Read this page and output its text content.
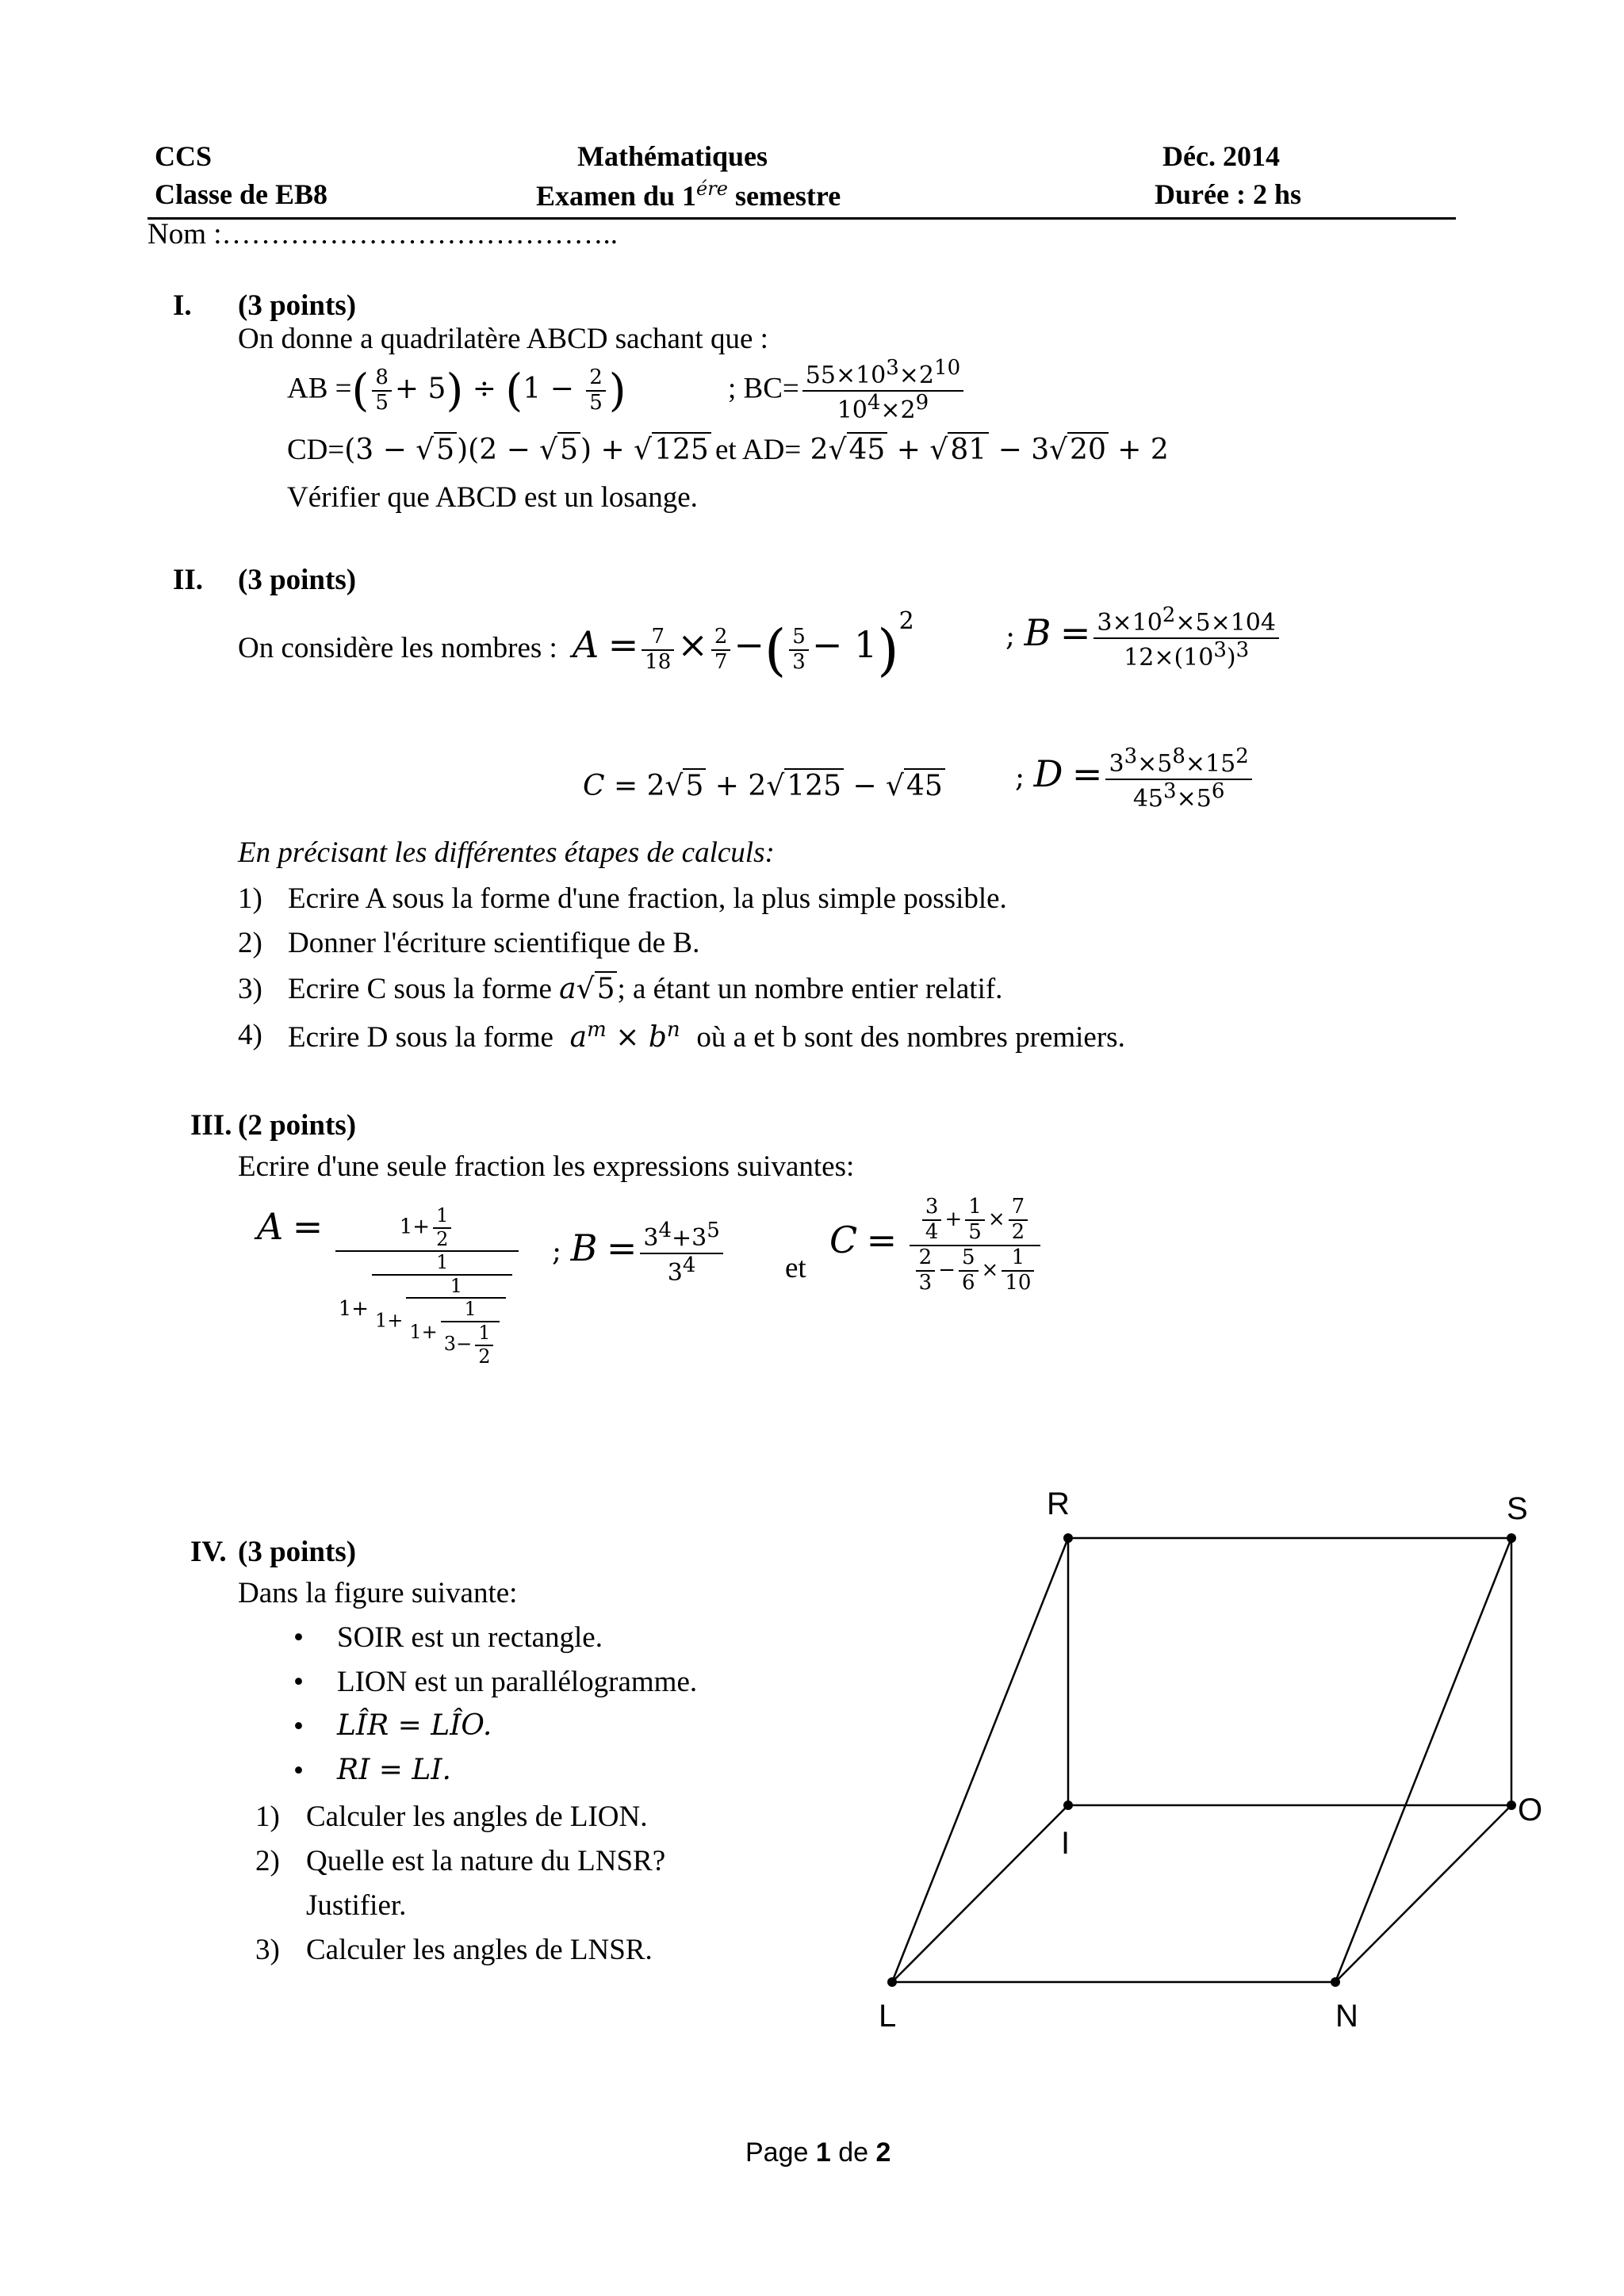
CCS
Classe de EB8
Mathématiques
Examen du $1^{ére}$ semestre
Déc. 2014
Durée : 2 hs
Nom :…………………………………..
I. (3 points)
On donne a quadrilatère ABCD sachant que :
AB =( $\frac{8}{5} + 5) \div (1 - \frac{2}{5}$ )	; $BC= \frac{55\times 10^3\times 2^{10}}{10^4\times 2^9}$
CD=(3 − √5)(2 − √5) + √125 et AD= 2√45 + √81 − 3√20 + 2
Vérifier que ABCD est un losange.
II. (3 points)
On considère les nombres : $A = \frac{7}{18} \times \frac{2}{7}$ −( $\frac{5}{3} - 1)^2$	; $B = \frac{3\times 10^2\times 5\times 104}{12\times(10^3)^3}$
C = 2√5 + 2√125 − √45	; $D = \frac{3^3\times 5^8\times 15^2}{45^3\times 5^6}$
En précisant les différentes étapes de calculs:
1) Ecrire A sous la forme d'une fraction, la plus simple possible.
2) Donner l'écriture scientifique de B.
3) Ecrire C sous la forme a√5; a étant un nombre entier relatif.
4) Ecrire D sous la forme $a^m \times b^n$ où a et b sont des nombres premiers.
III. (2 points)
Ecrire d'une seule fraction les expressions suivantes:
$A = \frac{1+ \frac{1}{2}}{1+ \frac{1}{1+ \frac{1}{1+ \frac{1}{3- \frac{1}{2}}}}}$ ; $B = \frac{3^4+3^5}{3^4}$ et
$C = \frac{\frac{3}{4} + \frac{1}{5} \times \frac{7}{2}}{\frac{2}{3} - \frac{5}{6} \times \frac{1}{10}}$
IV. (3 points)
Dans la figure suivante:
• SOIR est un rectangle.
• LION est un parallélogramme.
• LÎR = LÎO.
• RI = LI.
1) Calculer les angles de LION.
2) Quelle est la nature du LNSR?
Justifier.
3) Calculer les angles de LNSR.
R	S
I
O
L	N
Page 1 de 2
